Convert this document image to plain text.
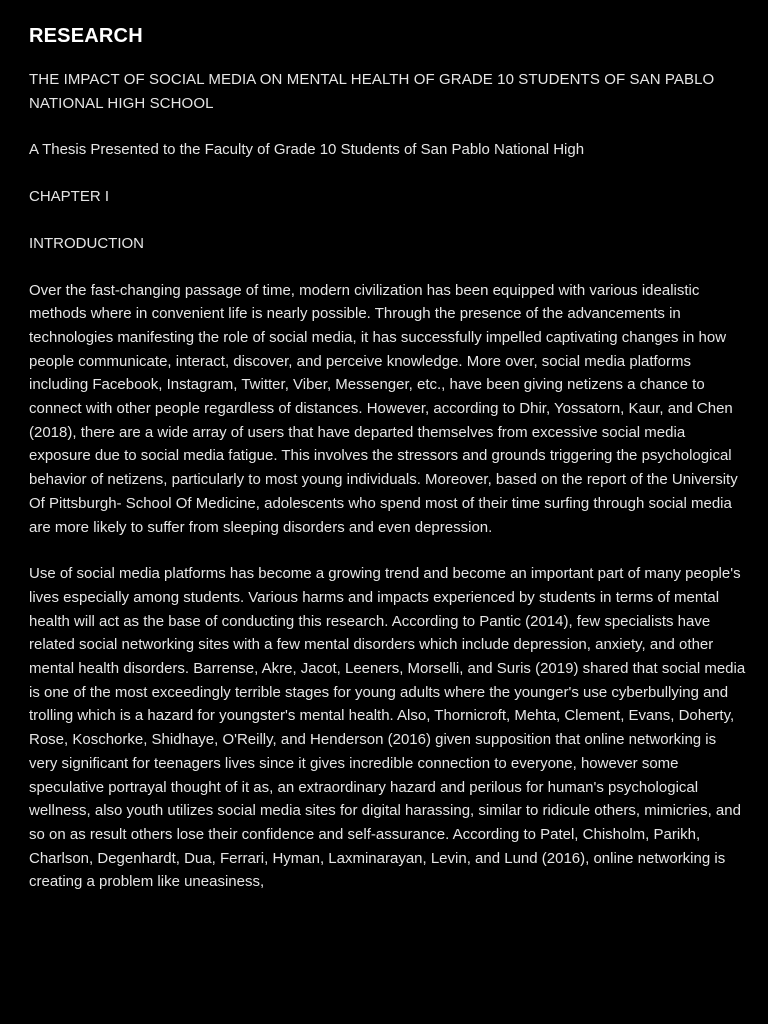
RESEARCH
THE IMPACT OF SOCIAL MEDIA ON MENTAL HEALTH OF GRADE 10 STUDENTS OF SAN PABLO NATIONAL HIGH SCHOOL
A Thesis Presented to the Faculty of Grade 10 Students of San Pablo National High
CHAPTER I
INTRODUCTION
Over the fast-changing passage of time, modern civilization has been equipped with various idealistic methods where in convenient life is nearly possible. Through the presence of the advancements in technologies manifesting the role of social media, it has successfully impelled captivating changes in how people communicate, interact, discover, and perceive knowledge. More over, social media platforms including Facebook, Instagram, Twitter, Viber, Messenger, etc., have been giving netizens a chance to connect with other people regardless of distances. However, according to Dhir, Yossatorn, Kaur, and Chen (2018), there are a wide array of users that have departed themselves from excessive social media exposure due to social media fatigue. This involves the stressors and grounds triggering the psychological behavior of netizens, particularly to most young individuals. Moreover, based on the report of the University Of Pittsburgh- School Of Medicine, adolescents who spend most of their time surfing through social media are more likely to suffer from sleeping disorders and even depression.
Use of social media platforms has become a growing trend and become an important part of many people's lives especially among students. Various harms and impacts experienced by students in terms of mental health will act as the base of conducting this research. According to Pantic (2014), few specialists have related social networking sites with a few mental disorders which include depression, anxiety, and other mental health disorders. Barrense, Akre, Jacot, Leeners, Morselli, and Suris (2019) shared that social media is one of the most exceedingly terrible stages for young adults where the younger's use cyberbullying and trolling which is a hazard for youngster's mental health. Also, Thornicroft, Mehta, Clement, Evans, Doherty, Rose, Koschorke, Shidhaye, O'Reilly, and Henderson (2016) given supposition that online networking is very significant for teenagers lives since it gives incredible connection to everyone, however some speculative portrayal thought of it as, an extraordinary hazard and perilous for human's psychological wellness, also youth utilizes social media sites for digital harassing, similar to ridicule others, mimicries, and so on as result others lose their confidence and self-assurance. According to Patel, Chisholm, Parikh, Charlson, Degenhardt, Dua, Ferrari, Hyman, Laxminarayan, Levin, and Lund (2016), online networking is creating a problem like uneasiness,
